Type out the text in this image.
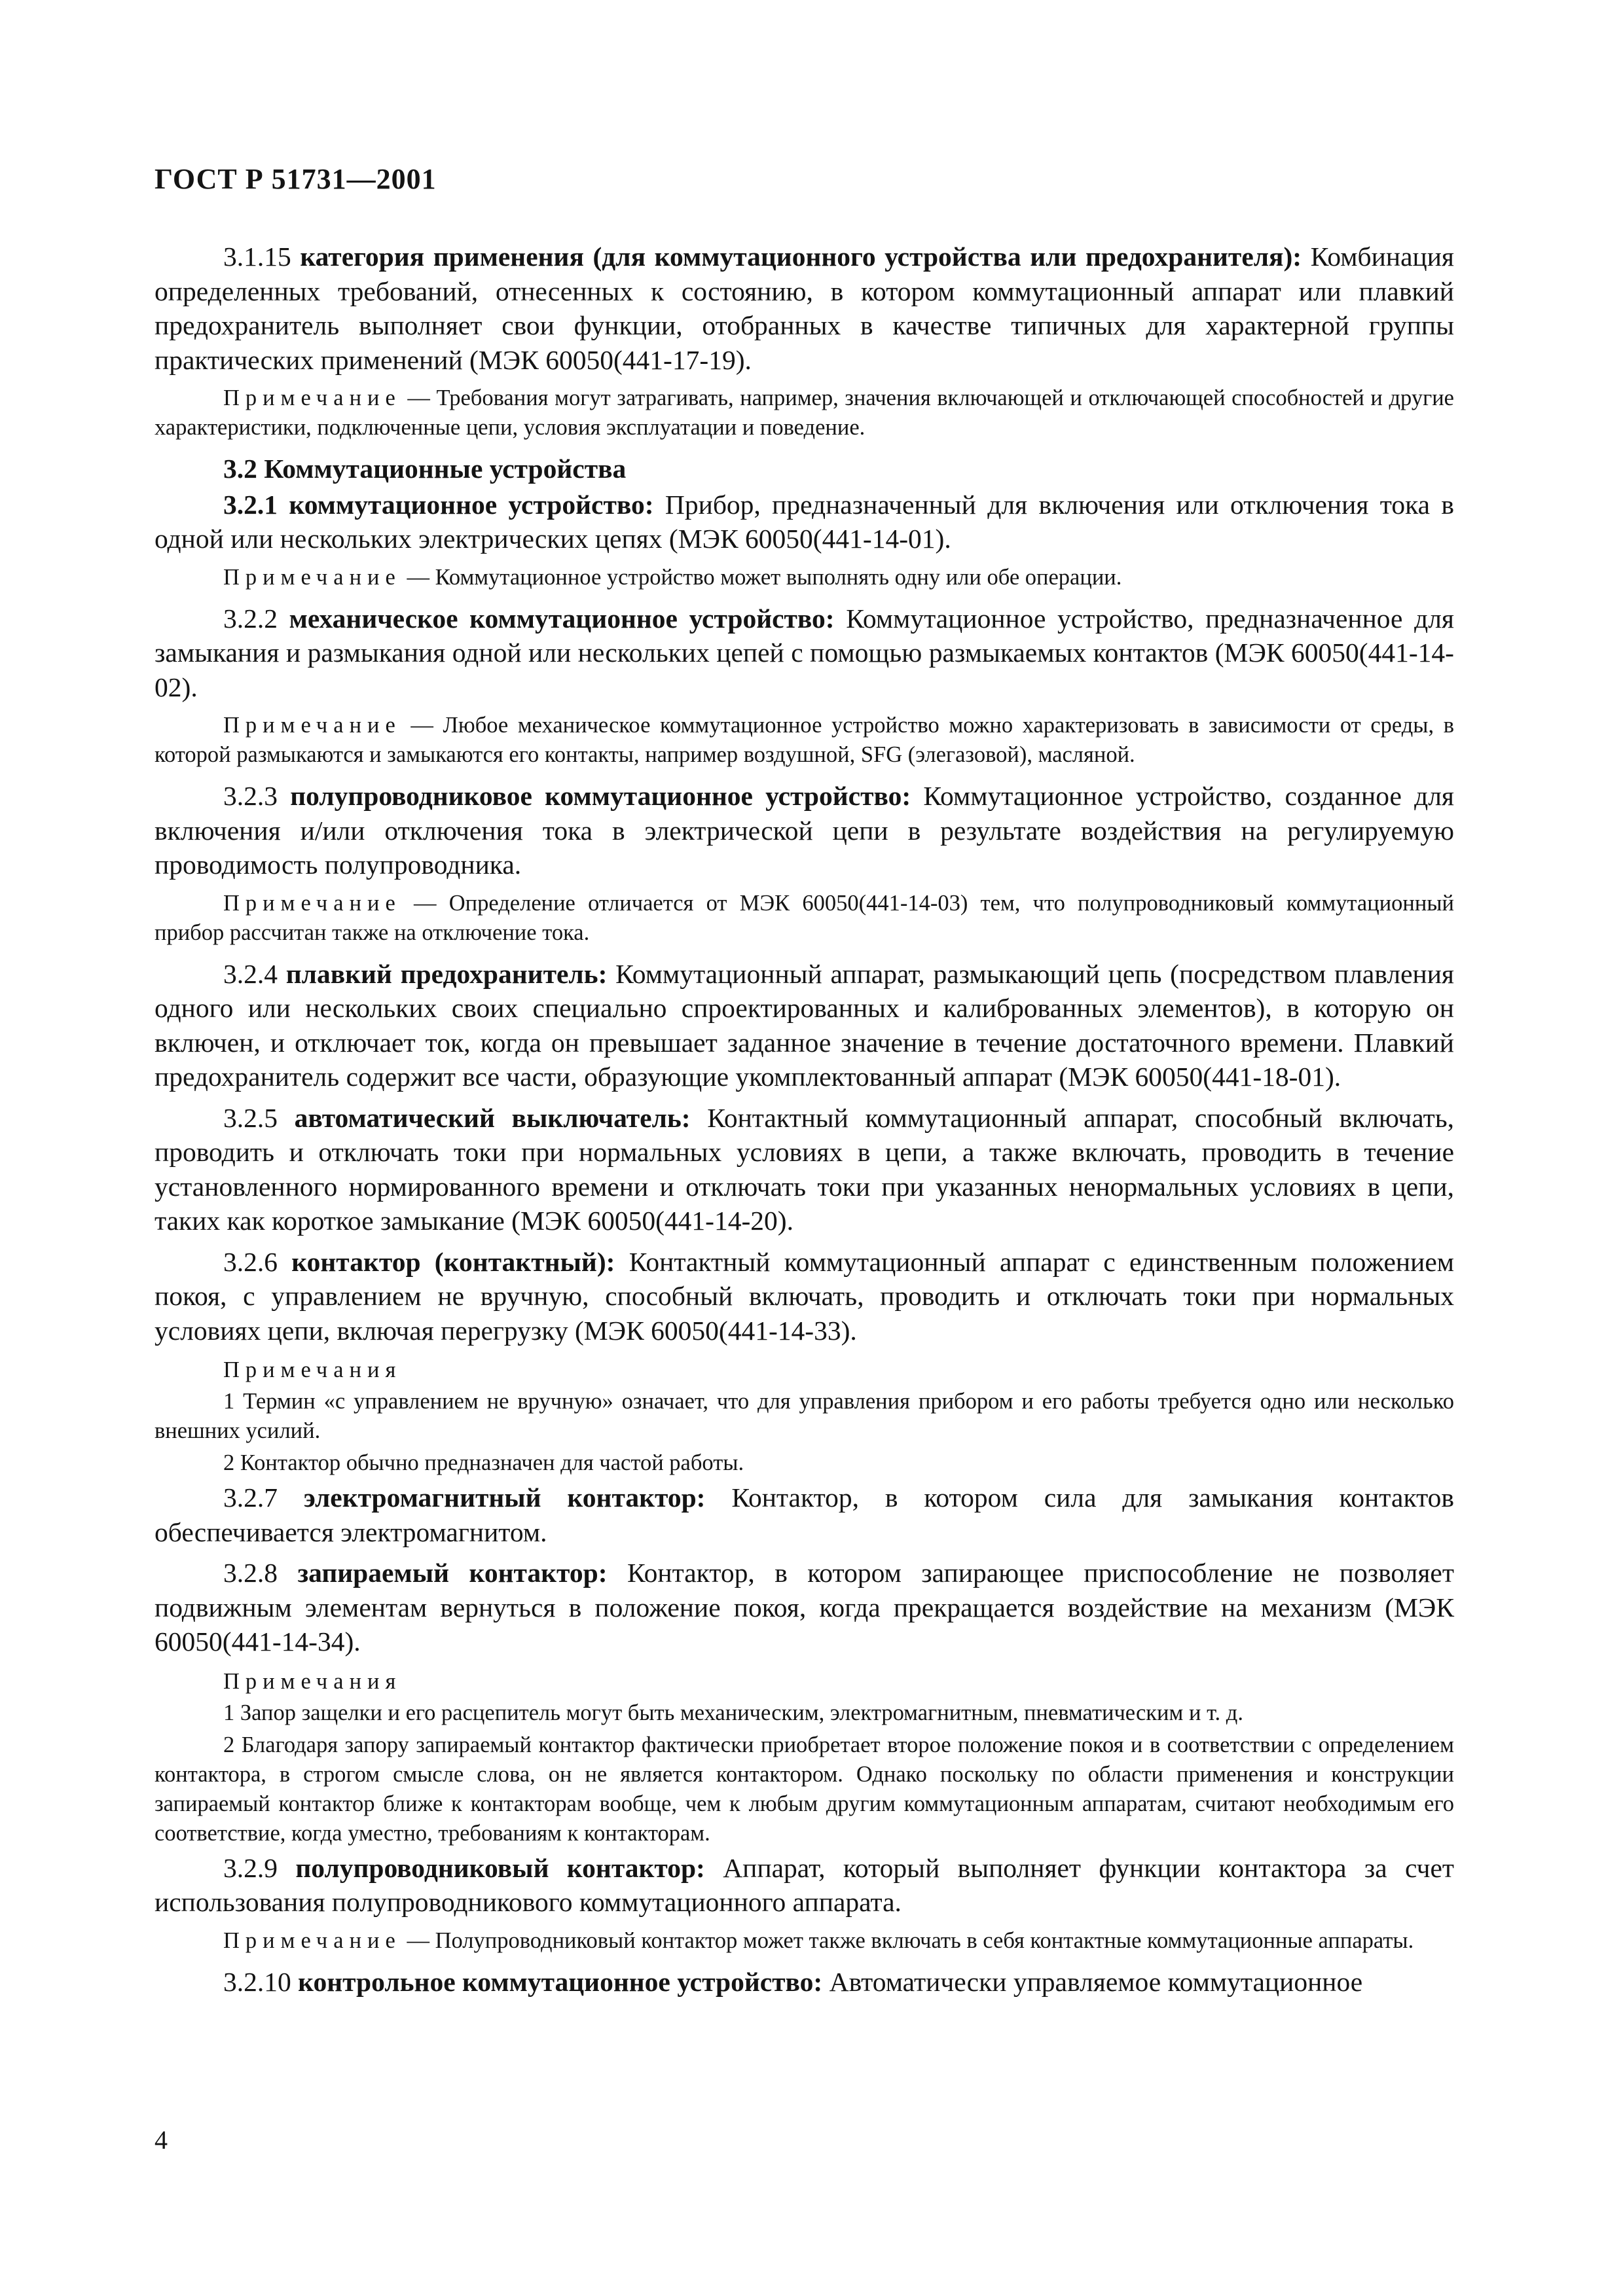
ГОСТ Р 51731—2001
3.1.15 категория применения (для коммутационного устройства или предохранителя): Комбинация определенных требований, отнесенных к состоянию, в котором коммутационный аппарат или плавкий предохранитель выполняет свои функции, отобранных в качестве типичных для характерной группы практических применений (МЭК 60050(441-17-19).
Примечание — Требования могут затрагивать, например, значения включающей и отключающей способностей и другие характеристики, подключенные цепи, условия эксплуатации и поведение.
3.2 Коммутационные устройства
3.2.1 коммутационное устройство: Прибор, предназначенный для включения или отключения тока в одной или нескольких электрических цепях (МЭК 60050(441-14-01).
Примечание — Коммутационное устройство может выполнять одну или обе операции.
3.2.2 механическое коммутационное устройство: Коммутационное устройство, предназначенное для замыкания и размыкания одной или нескольких цепей с помощью размыкаемых контактов (МЭК 60050(441-14-02).
Примечание — Любое механическое коммутационное устройство можно характеризовать в зависимости от среды, в которой размыкаются и замыкаются его контакты, например воздушной, SFG (элегазовой), масляной.
3.2.3 полупроводниковое коммутационное устройство: Коммутационное устройство, созданное для включения и/или отключения тока в электрической цепи в результате воздействия на регулируемую проводимость полупроводника.
Примечание — Определение отличается от МЭК 60050(441-14-03) тем, что полупроводниковый коммутационный прибор рассчитан также на отключение тока.
3.2.4 плавкий предохранитель: Коммутационный аппарат, размыкающий цепь (посредством плавления одного или нескольких своих специально спроектированных и калиброванных элементов), в которую он включен, и отключает ток, когда он превышает заданное значение в течение достаточного времени. Плавкий предохранитель содержит все части, образующие укомплектованный аппарат (МЭК 60050(441-18-01).
3.2.5 автоматический выключатель: Контактный коммутационный аппарат, способный включать, проводить и отключать токи при нормальных условиях в цепи, а также включать, проводить в течение установленного нормированного времени и отключать токи при указанных ненормальных условиях в цепи, таких как короткое замыкание (МЭК 60050(441-14-20).
3.2.6 контактор (контактный): Контактный коммутационный аппарат с единственным положением покоя, с управлением не вручную, способный включать, проводить и отключать токи при нормальных условиях цепи, включая перегрузку (МЭК 60050(441-14-33).
Примечания
1 Термин «с управлением не вручную» означает, что для управления прибором и его работы требуется одно или несколько внешних усилий.
2 Контактор обычно предназначен для частой работы.
3.2.7 электромагнитный контактор: Контактор, в котором сила для замыкания контактов обеспечивается электромагнитом.
3.2.8 запираемый контактор: Контактор, в котором запирающее приспособление не позволяет подвижным элементам вернуться в положение покоя, когда прекращается воздействие на механизм (МЭК 60050(441-14-34).
Примечания
1 Запор защелки и его расцепитель могут быть механическим, электромагнитным, пневматическим и т. д.
2 Благодаря запору запираемый контактор фактически приобретает второе положение покоя и в соответствии с определением контактора, в строгом смысле слова, он не является контактором. Однако поскольку по области применения и конструкции запираемый контактор ближе к контакторам вообще, чем к любым другим коммутационным аппаратам, считают необходимым его соответствие, когда уместно, требованиям к контакторам.
3.2.9 полупроводниковый контактор: Аппарат, который выполняет функции контактора за счет использования полупроводникового коммутационного аппарата.
Примечание — Полупроводниковый контактор может также включать в себя контактные коммутационные аппараты.
3.2.10 контрольное коммутационное устройство: Автоматически управляемое коммутационное
4
